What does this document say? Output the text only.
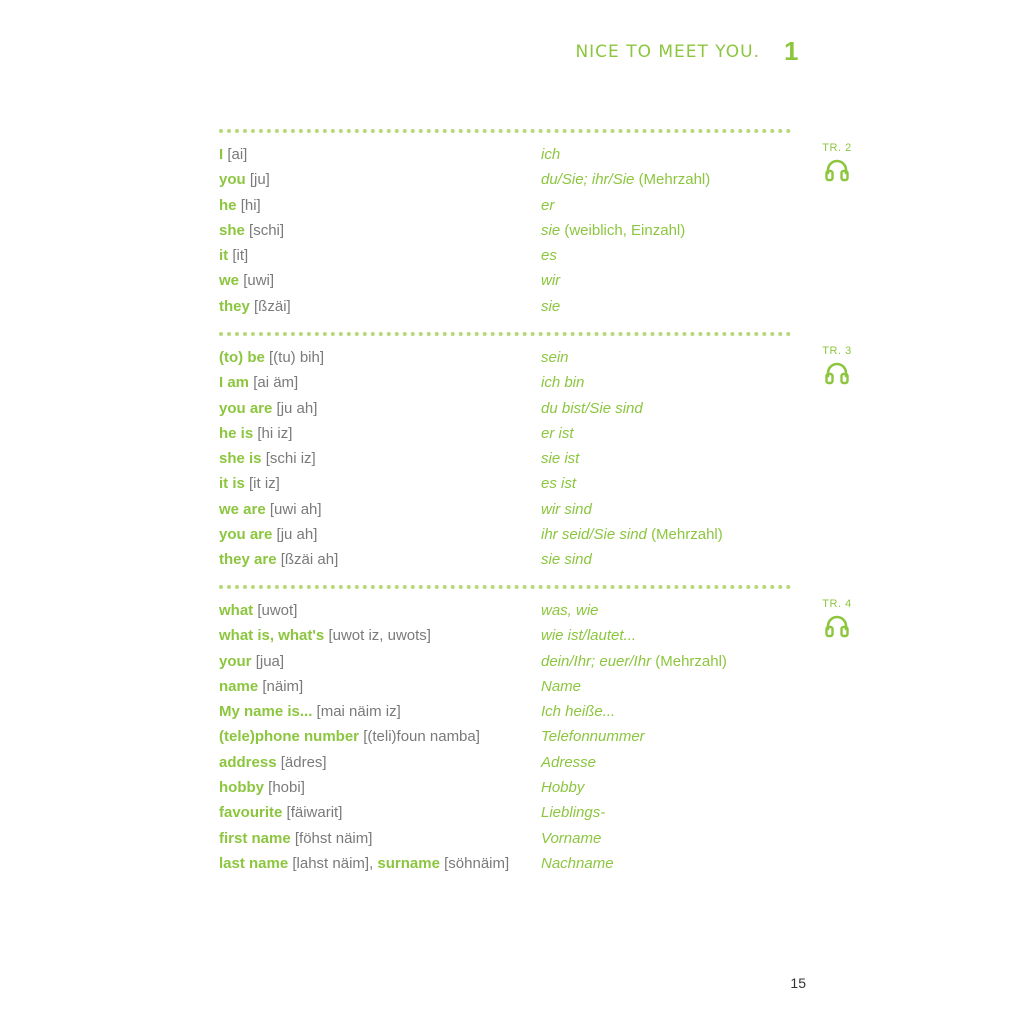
NICE TO MEET YOU. 1
I [ai]	ich
you [ju]	du/Sie; ihr/Sie (Mehrzahl)
he [hi]	er
she [schi]	sie (weiblich, Einzahl)
it [it]	es
we [uwi]	wir
they [ßzäi]	sie
(to) be [(tu) bih]	sein
I am [ai äm]	ich bin
you are [ju ah]	du bist/Sie sind
he is [hi iz]	er ist
she is [schi iz]	sie ist
it is [it iz]	es ist
we are [uwi ah]	wir sind
you are [ju ah]	ihr seid/Sie sind (Mehrzahl)
they are [ßzäi ah]	sie sind
what [uwot]	was, wie
what is, what's [uwot iz, uwots]	wie ist/lautet...
your [jua]	dein/Ihr; euer/Ihr (Mehrzahl)
name [näim]	Name
My name is... [mai näim iz]	Ich heiße...
(tele)phone number [(teli)foun namba]	Telefonnummer
address [ädres]	Adresse
hobby [hobi]	Hobby
favourite [fäiwarit]	Lieblings-
first name [föhst näim]	Vorname
last name [lahst näim], surname [söhnäim] Nachname
TR. 2
TR. 3
TR. 4
15
